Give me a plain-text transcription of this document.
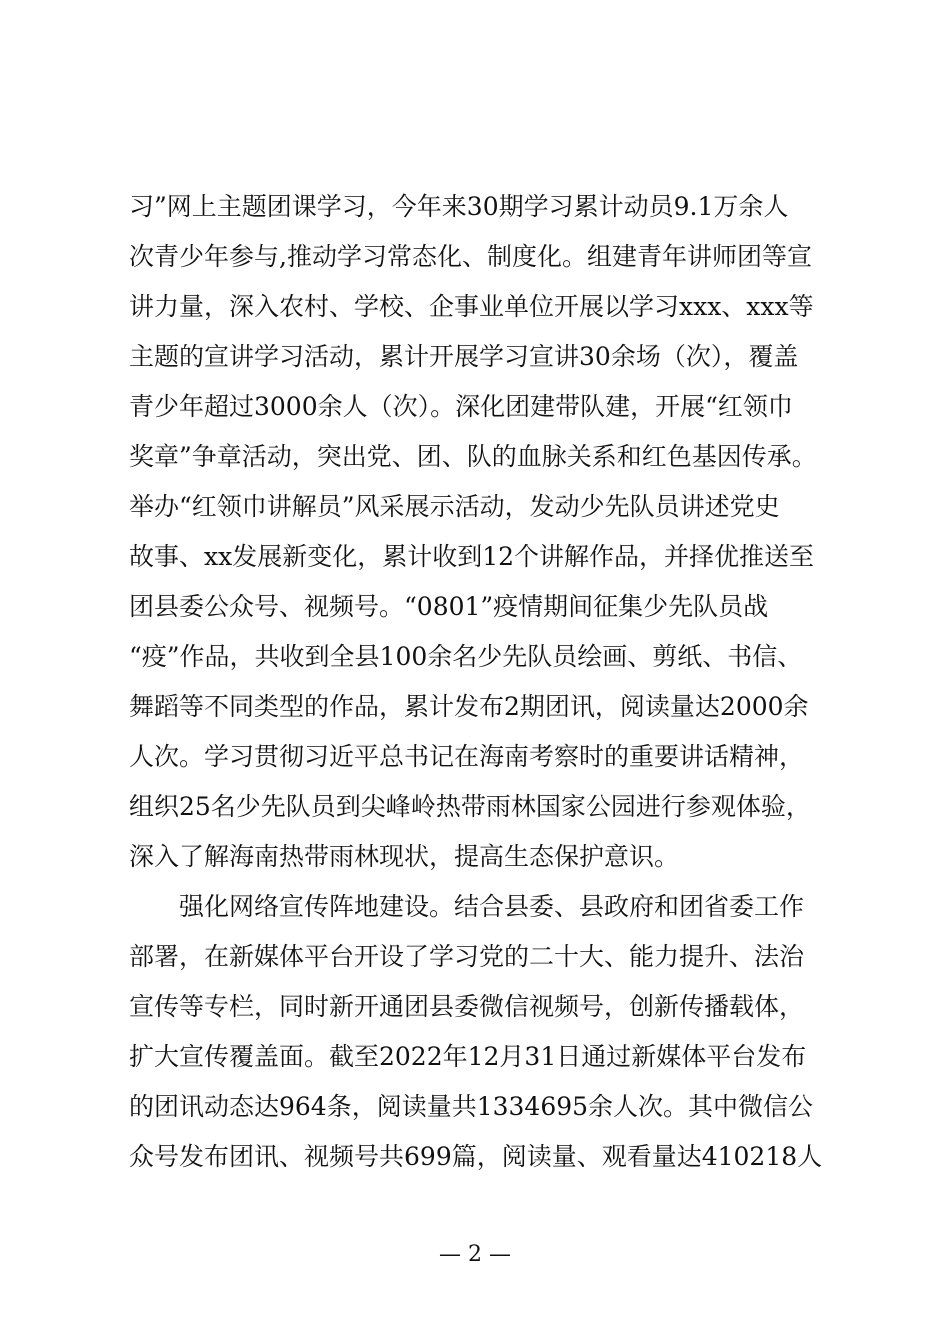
习”网上主题团课学习，今年来30期学习累计动员9.1万余人
次青少年参与,推动学习常态化、制度化。组建青年讲师团等宣
讲力量，深入农村、学校、企事业单位开展以学习xxx、xxx等
主题的宣讲学习活动，累计开展学习宣讲30余场（次），覆盖
青少年超过3000余人（次）。深化团建带队建，开展“红领巾
奖章”争章活动，突出党、团、队的血脉关系和红色基因传承。
举办“红领巾讲解员”风采展示活动，发动少先队员讲述党史
故事、xx发展新变化，累计收到12个讲解作品，并择优推送至
团县委公众号、视频号。“0801”疫情期间征集少先队员战
“疫”作品，共收到全县100余名少先队员绘画、剪纸、书信、
舞蹈等不同类型的作品，累计发布2期团讯，阅读量达2000余
人次。学习贯彻习近平总书记在海南考察时的重要讲话精神，
组织25名少先队员到尖峰岭热带雨林国家公园进行参观体验，
深入了解海南热带雨林现状，提高生态保护意识。
强化网络宣传阵地建设。结合县委、县政府和团省委工作
部署，在新媒体平台开设了学习党的二十大、能力提升、法治
宣传等专栏，同时新开通团县委微信视频号，创新传播载体，
扩大宣传覆盖面。截至2022年12月31日通过新媒体平台发布
的团讯动态达964条，阅读量共1334695余人次。其中微信公
众号发布团讯、视频号共699篇，阅读量、观看量达410218人
— 2 —
